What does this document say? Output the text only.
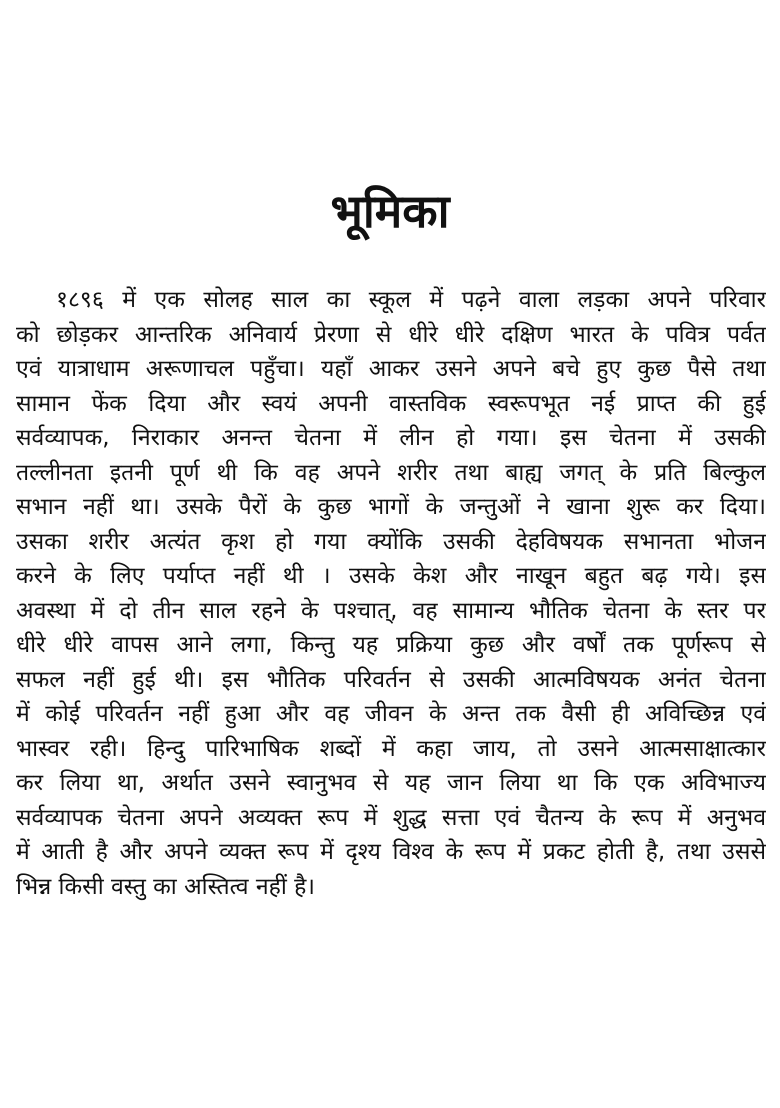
भूमिका
१८९६ में एक सोलह साल का स्कूल में पढ़ने वाला लड़का अपने परिवार
को छोड़कर आन्तरिक अनिवार्य प्रेरणा से धीरे धीरे दक्षिण भारत के पवित्र पर्वत
एवं यात्राधाम अरूणाचल पहुँचा। यहाँ आकर उसने अपने बचे हुए कुछ पैसे तथा
सामान फेंक दिया और स्वयं अपनी वास्तविक स्वरूपभूत नई प्राप्त की हुई
सर्वव्यापक, निराकार अनन्त चेतना में लीन हो गया। इस चेतना में उसकी
तल्लीनता इतनी पूर्ण थी कि वह अपने शरीर तथा बाह्य जगत् के प्रति बिल्कुल
सभान नहीं था। उसके पैरों के कुछ भागों के जन्तुओं ने खाना शुरू कर दिया।
उसका शरीर अत्यंत कृश हो गया क्योंकि उसकी देहविषयक सभानता भोजन
करने के लिए पर्याप्त नहीं थी । उसके केश और नाखून बहुत बढ़ गये। इस
अवस्था में दो तीन साल रहने के पश्चात्, वह सामान्य भौतिक चेतना के स्तर पर
धीरे धीरे वापस आने लगा, किन्तु यह प्रक्रिया कुछ और वर्षों तक पूर्णरूप से
सफल नहीं हुई थी। इस भौतिक परिवर्तन से उसकी आत्मविषयक अनंत चेतना
में कोई परिवर्तन नहीं हुआ और वह जीवन के अन्त तक वैसी ही अविच्छिन्न एवं
भास्वर रही। हिन्दु पारिभाषिक शब्दों में कहा जाय, तो उसने आत्मसाक्षात्कार
कर लिया था, अर्थात उसने स्वानुभव से यह जान लिया था कि एक अविभाज्य
सर्वव्यापक चेतना अपने अव्यक्त रूप में शुद्ध सत्ता एवं चैतन्य के रूप में अनुभव
में आती है और अपने व्यक्त रूप में दृश्य विश्व के रूप में प्रकट होती है, तथा उससे
भिन्न किसी वस्तु का अस्तित्व नहीं है।
